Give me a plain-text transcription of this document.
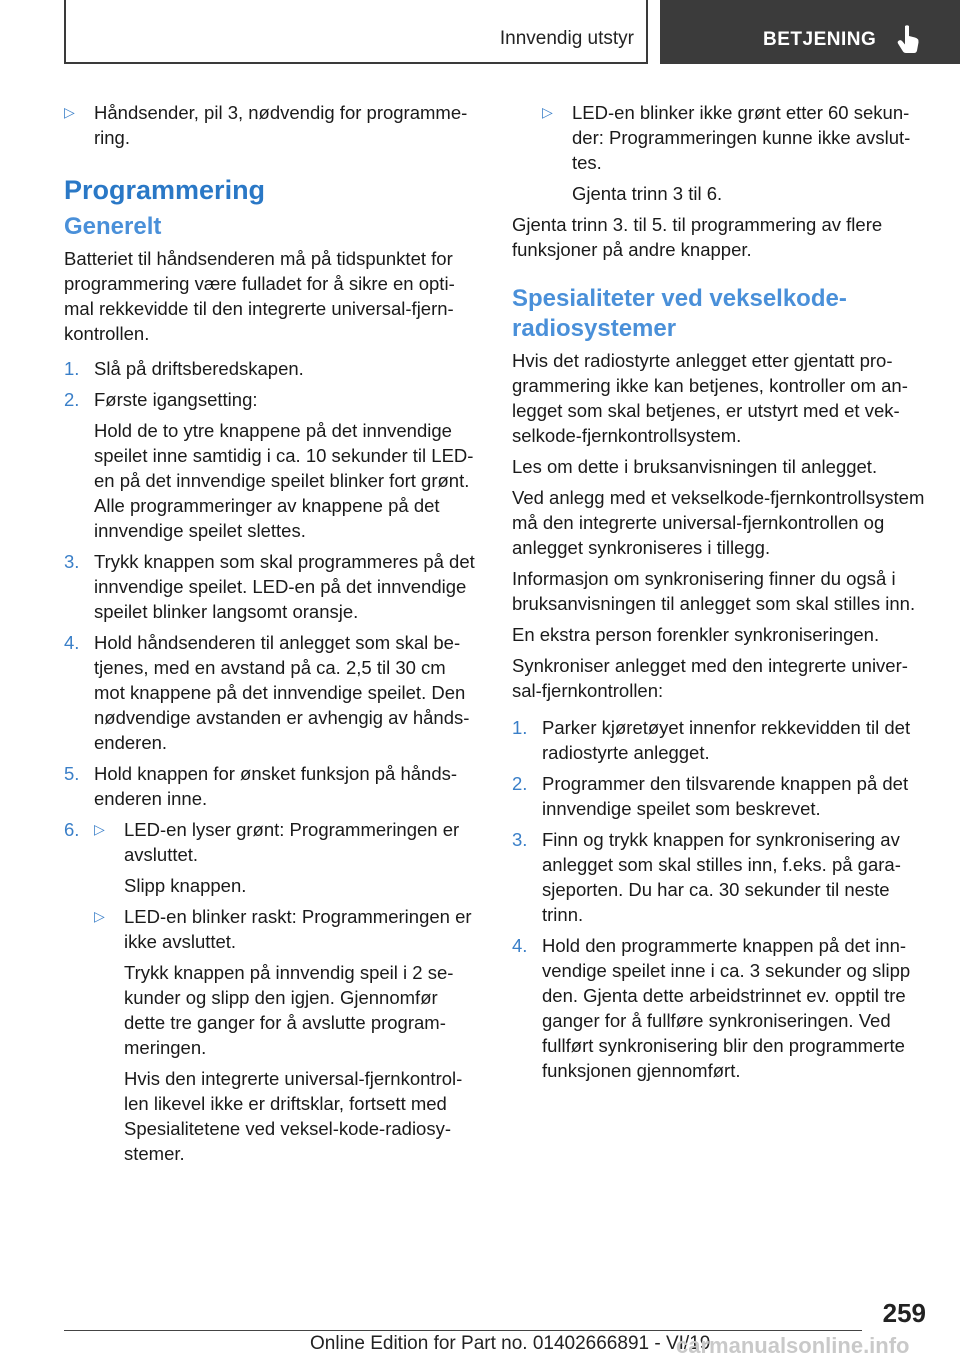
Innvendig utstyr	BETJENING
▷	Håndsender, pil 3, nødvendig for programmering.
Programmering
Generelt

Batteriet til håndsenderen må på tidspunktet for programmering være fulladet for å sikre en optimal rekkevidde til den integrerte universal-fjernkontrollen.

1. Slå på driftsberedskapen.
2. Første igangsetting:
Hold de to ytre knappene på det innvendige speilet inne samtidig i ca. 10 sekunder til LED-en på det innvendige speilet blinker fort grønt. Alle programmeringer av knappene på det innvendige speilet slettes.
3. Trykk knappen som skal programmeres på det innvendige speilet. LED-en på det innvendige speilet blinker langsomt oransje.
4. Hold håndsenderen til anlegget som skal betjenes, med en avstand på ca. 2,5 til 30 cm mot knappene på det innvendige speilet. Den nødvendige avstanden er avhengig av håndsenderen.
5. Hold knappen for ønsket funksjon på håndsenderen inne.
6. ▷	LED-en lyser grønt: Programmeringen er avsluttet.
Slipp knappen.
▷	LED-en blinker raskt: Programmeringen er ikke avsluttet.
Trykk knappen på innvendig speil i 2 sekunder og slipp den igjen. Gjennomfør dette tre ganger for å avslutte programmeringen.
Hvis den integrerte universal-fjernkontrollen likevel ikke er driftsklar, fortsett med Spesialitetene ved veksel-kode-radiosystemer.
▷	LED-en blinker ikke grønt etter 60 sekunder: Programmeringen kunne ikke avsluttes.
Gjenta trinn 3 til 6.

Gjenta trinn 3. til 5. til programmering av flere funksjoner på andre knapper.

Spesialiteter ved vekselkode-radiosystemer

Hvis det radiostyrte anlegget etter gjentatt programmering ikke kan betjenes, kontroller om anlegget som skal betjenes, er utstyrt med et vekselkode-fjernkontrollsystem.

Les om dette i bruksanvisningen til anlegget.

Ved anlegg med et vekselkode-fjernkontrollsystem må den integrerte universal-fjernkontrollen og anlegget synkroniseres i tillegg.

Informasjon om synkronisering finner du også i bruksanvisningen til anlegget som skal stilles inn.

En ekstra person forenkler synkroniseringen.

Synkroniser anlegget med den integrerte universal-fjernkontrollen:

1. Parker kjøretøyet innenfor rekkevidden til det radiostyrte anlegget.
2. Programmer den tilsvarende knappen på det innvendige speilet som beskrevet.
3. Finn og trykk knappen for synkronisering av anlegget som skal stilles inn, f.eks. på garasjeporten. Du har ca. 30 sekunder til neste trinn.
4. Hold den programmerte knappen på det innvendige speilet inne i ca. 3 sekunder og slipp den. Gjenta dette arbeidstrinnet ev. opptil tre ganger for å fullføre synkroniseringen. Ved fullført synkronisering blir den programmerte funksjonen gjennomført.
259
Online Edition for Part no. 01402666891 - VI/19
carmanualsonline.info
